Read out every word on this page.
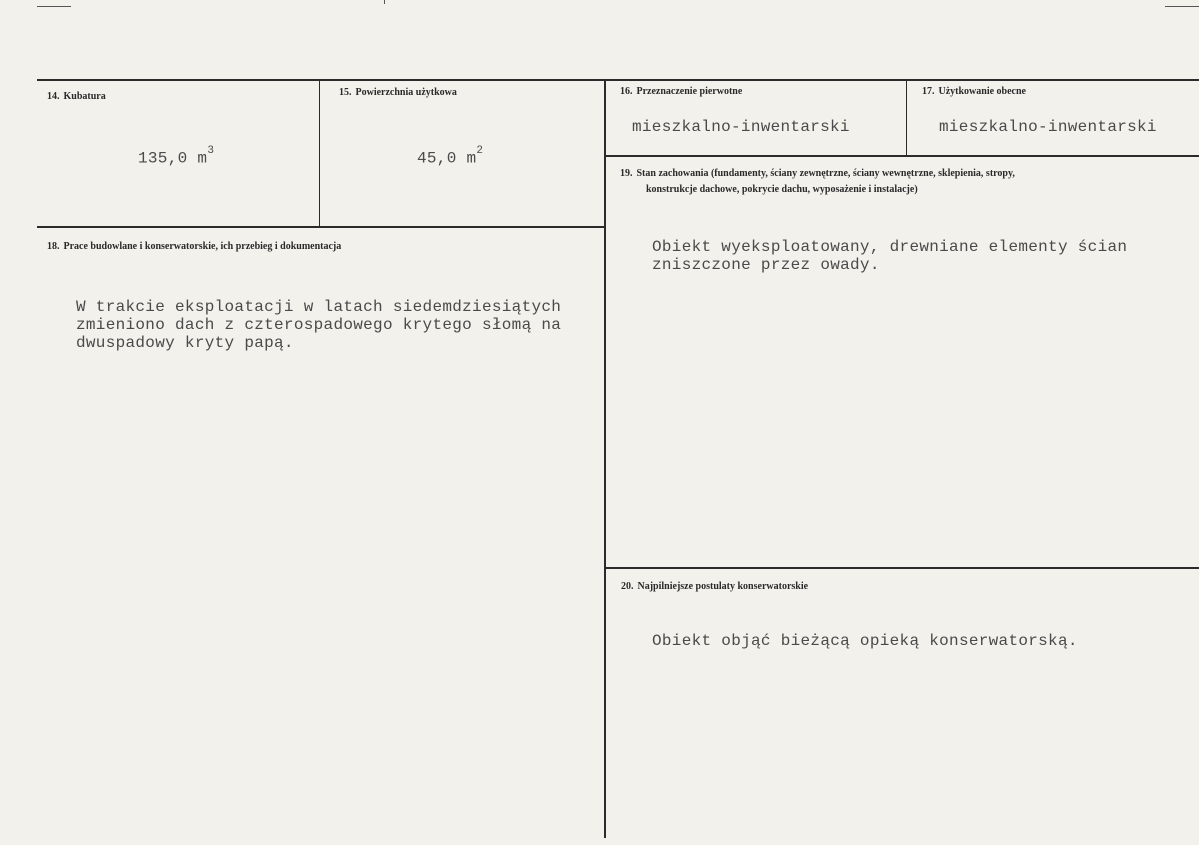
14. Kubatura
135,0 $m^3$
15. Powierzchnia użytkowa
45,0 $m^2$
16. Przeznaczenie pierwotne
mieszkalno-inwentarski
17. Użytkowanie obecne
mieszkalno-inwentarski
18. Prace budowlane i konserwatorskie, ich przebieg i dokumentacja
W trakcie eksploatacji w latach siedemdziesiątych
zmieniono dach z czterospadowego krytego słomą na
dwuspadowy kryty papą.
19. Stan zachowania (fundamenty, ściany zewnętrzne, ściany wewnętrzne, sklepienia, stropy,
konstrukcje dachowe, pokrycie dachu, wyposażenie i instalacje)
Obiekt wyeksploatowany, drewniane elementy ścian
zniszczone przez owady.
20. Najpilniejsze postulaty konserwatorskie
Obiekt objąć bieżącą opieką konserwatorską.
